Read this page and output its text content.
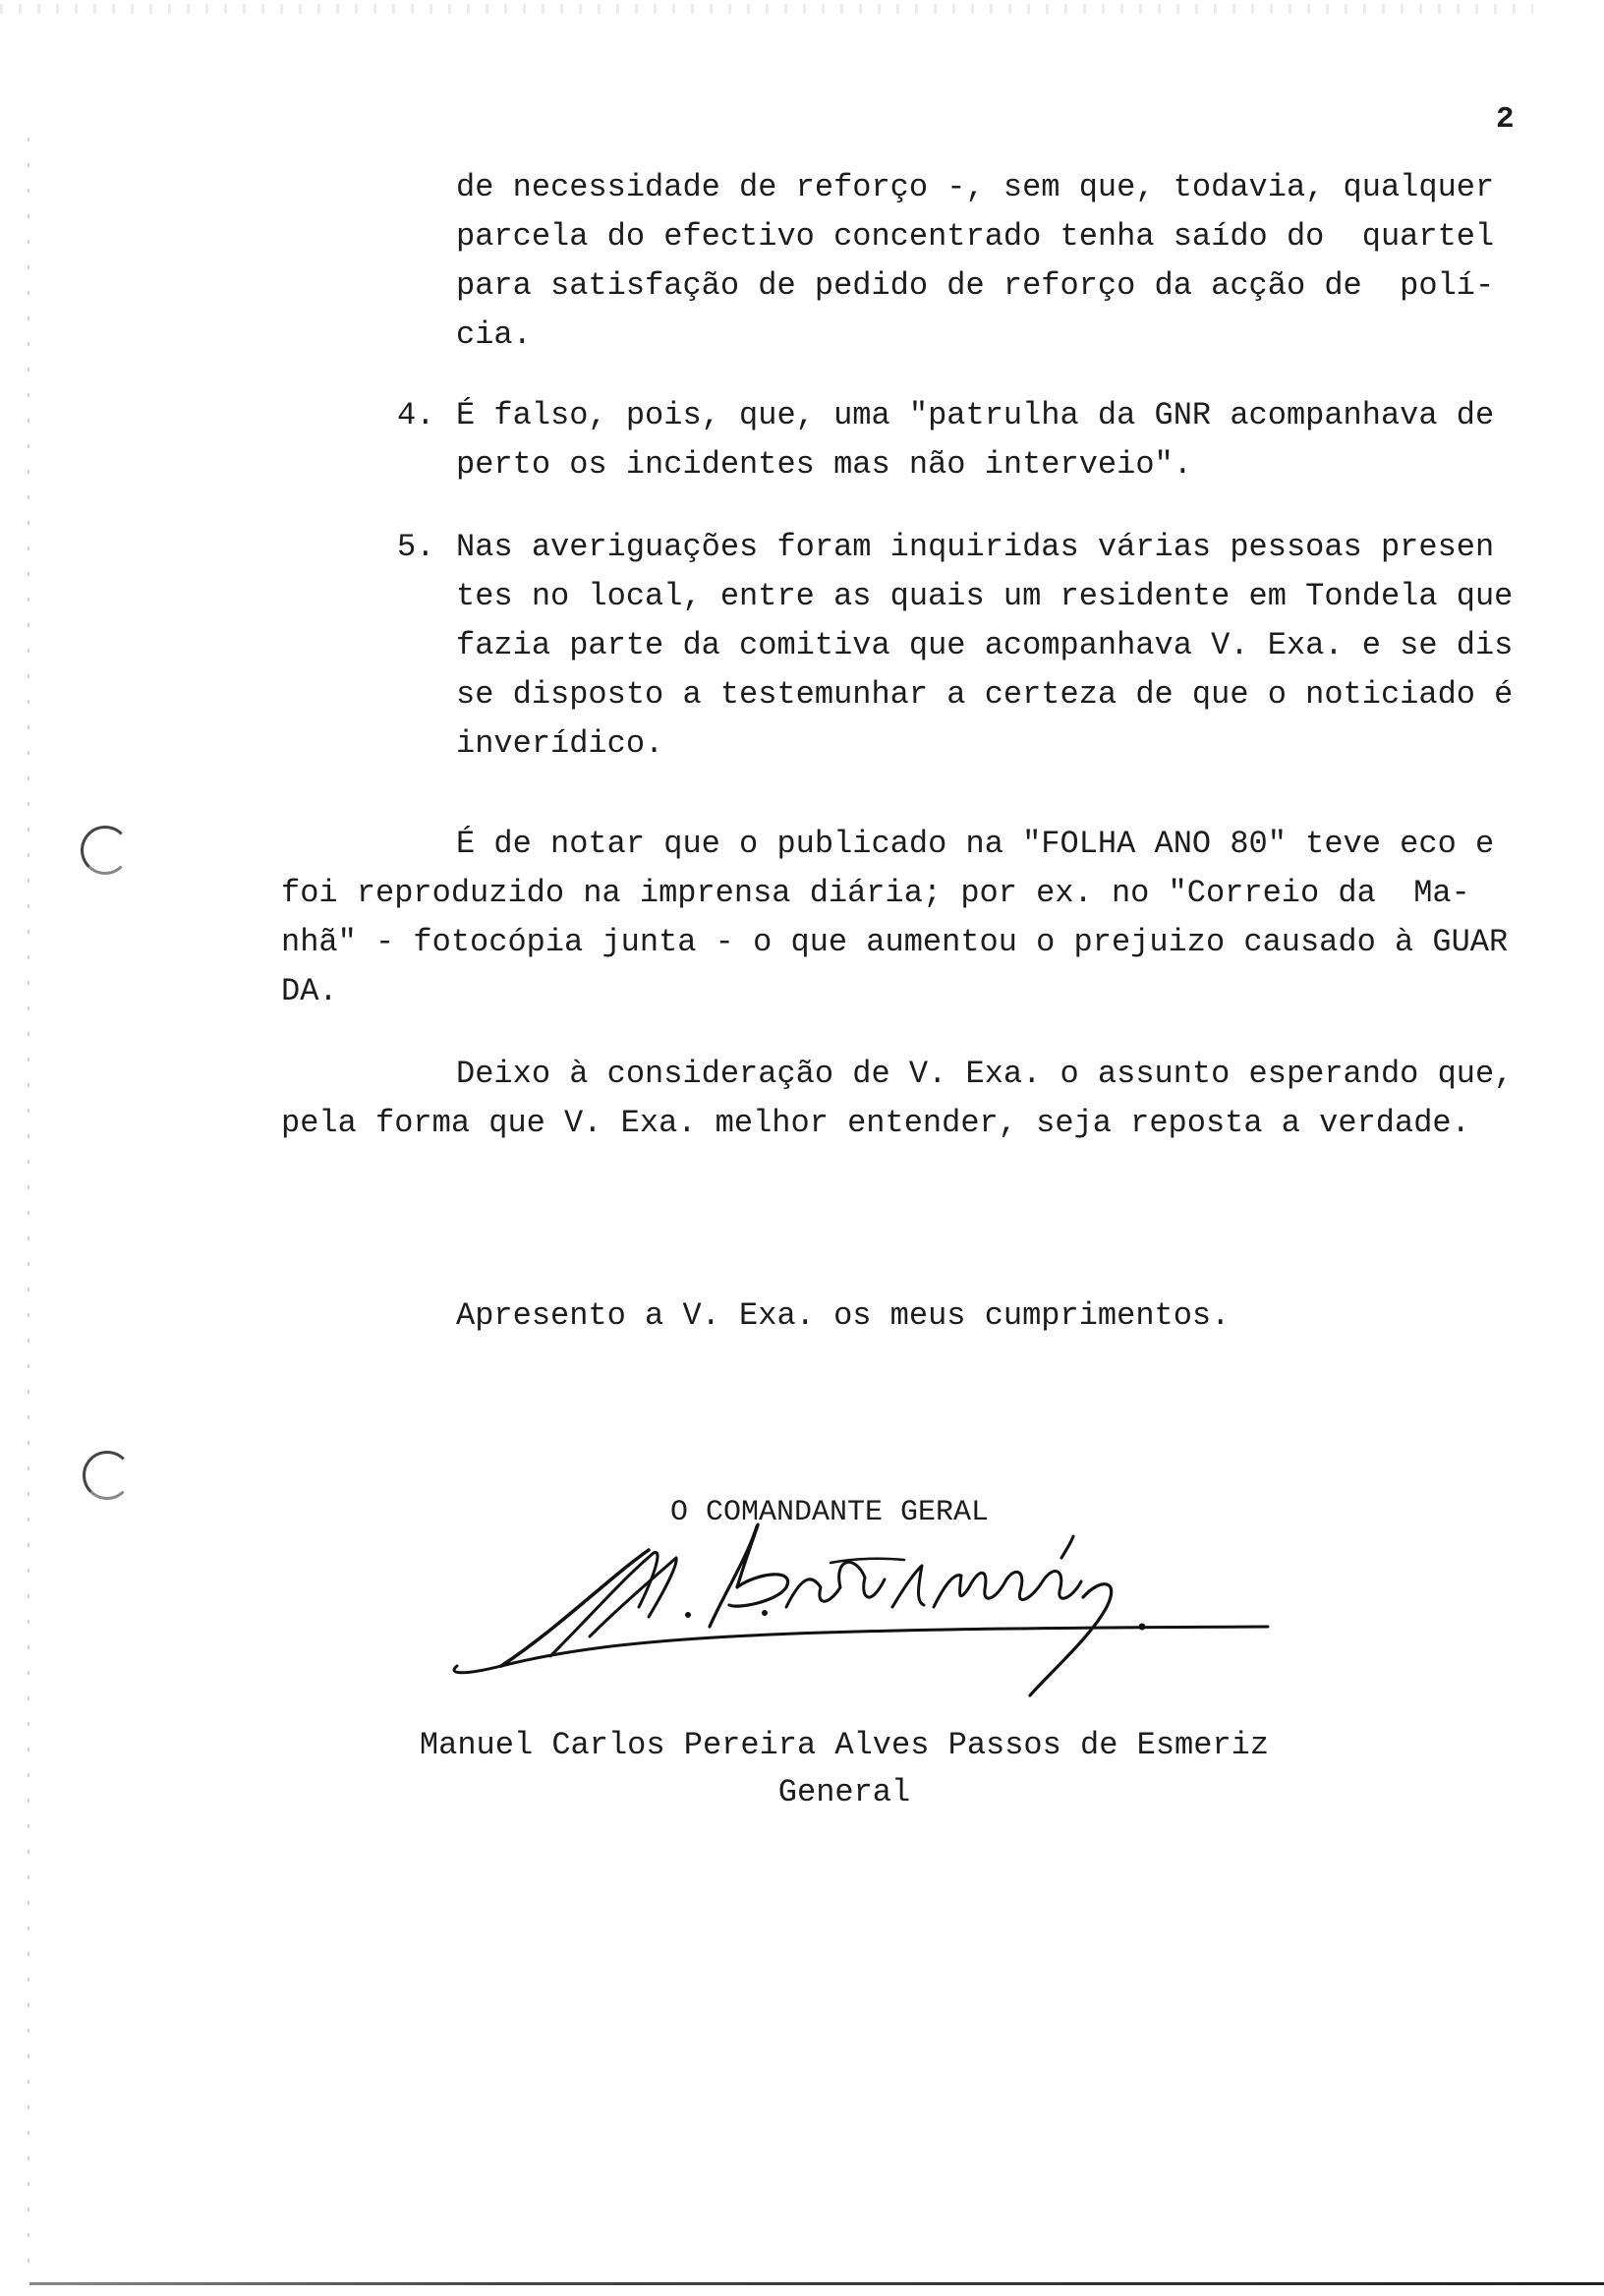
2
de necessidade de reforço -, sem que, todavia, qualquer
parcela do efectivo concentrado tenha saído do  quartel
para satisfação de pedido de reforço da acção de  polí-
cia.
4. É falso, pois, que, uma "patrulha da GNR acompanhava de
perto os incidentes mas não interveio".
5. Nas averiguações foram inquiridas várias pessoas presen
tes no local, entre as quais um residente em Tondela que
fazia parte da comitiva que acompanhava V. Exa. e se dis
se disposto a testemunhar a certeza de que o noticiado é
inverídico.
É de notar que o publicado na "FOLHA ANO 80" teve eco e
foi reproduzido na imprensa diária; por ex. no "Correio da  Ma-
nhã" - fotocópia junta - o que aumentou o prejuizo causado à GUAR
DA.
Deixo à consideração de V. Exa. o assunto esperando que,
pela forma que V. Exa. melhor entender, seja reposta a verdade.
Apresento a V. Exa. os meus cumprimentos.
O COMANDANTE GERAL
Manuel Carlos Pereira Alves Passos de Esmeriz
General
